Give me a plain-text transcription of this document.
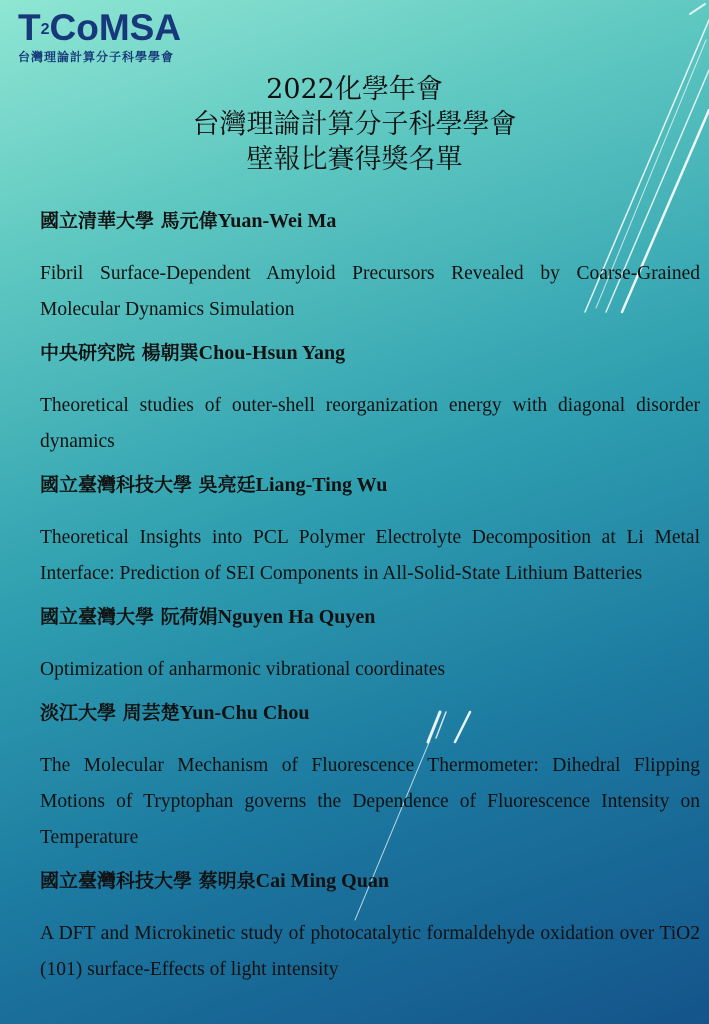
$T^2CoMSA$
台灣理論計算分子科學學會
2022化學年會
台灣理論計算分子科學學會
壁報比賽得獎名單
國立清華大學 馬元偉Yuan-Wei Ma
Fibril Surface-Dependent Amyloid Precursors Revealed by Coarse-Grained Molecular Dynamics Simulation
中央研究院 楊朝巽Chou-Hsun Yang
Theoretical studies of outer-shell reorganization energy with diagonal disorder dynamics
國立臺灣科技大學 吳亮廷Liang-Ting Wu
Theoretical Insights into PCL Polymer Electrolyte Decomposition at Li Metal Interface: Prediction of SEI Components in All-Solid-State Lithium Batteries
國立臺灣大學 阮荷娟Nguyen Ha Quyen
Optimization of anharmonic vibrational coordinates
淡江大學 周芸楚Yun-Chu Chou
The Molecular Mechanism of Fluorescence Thermometer: Dihedral Flipping Motions of Tryptophan governs the Dependence of Fluorescence Intensity on Temperature
國立臺灣科技大學 蔡明泉Cai Ming Quan
A DFT and Microkinetic study of photocatalytic formaldehyde oxidation over TiO2 (101) surface-Effects of light intensity
